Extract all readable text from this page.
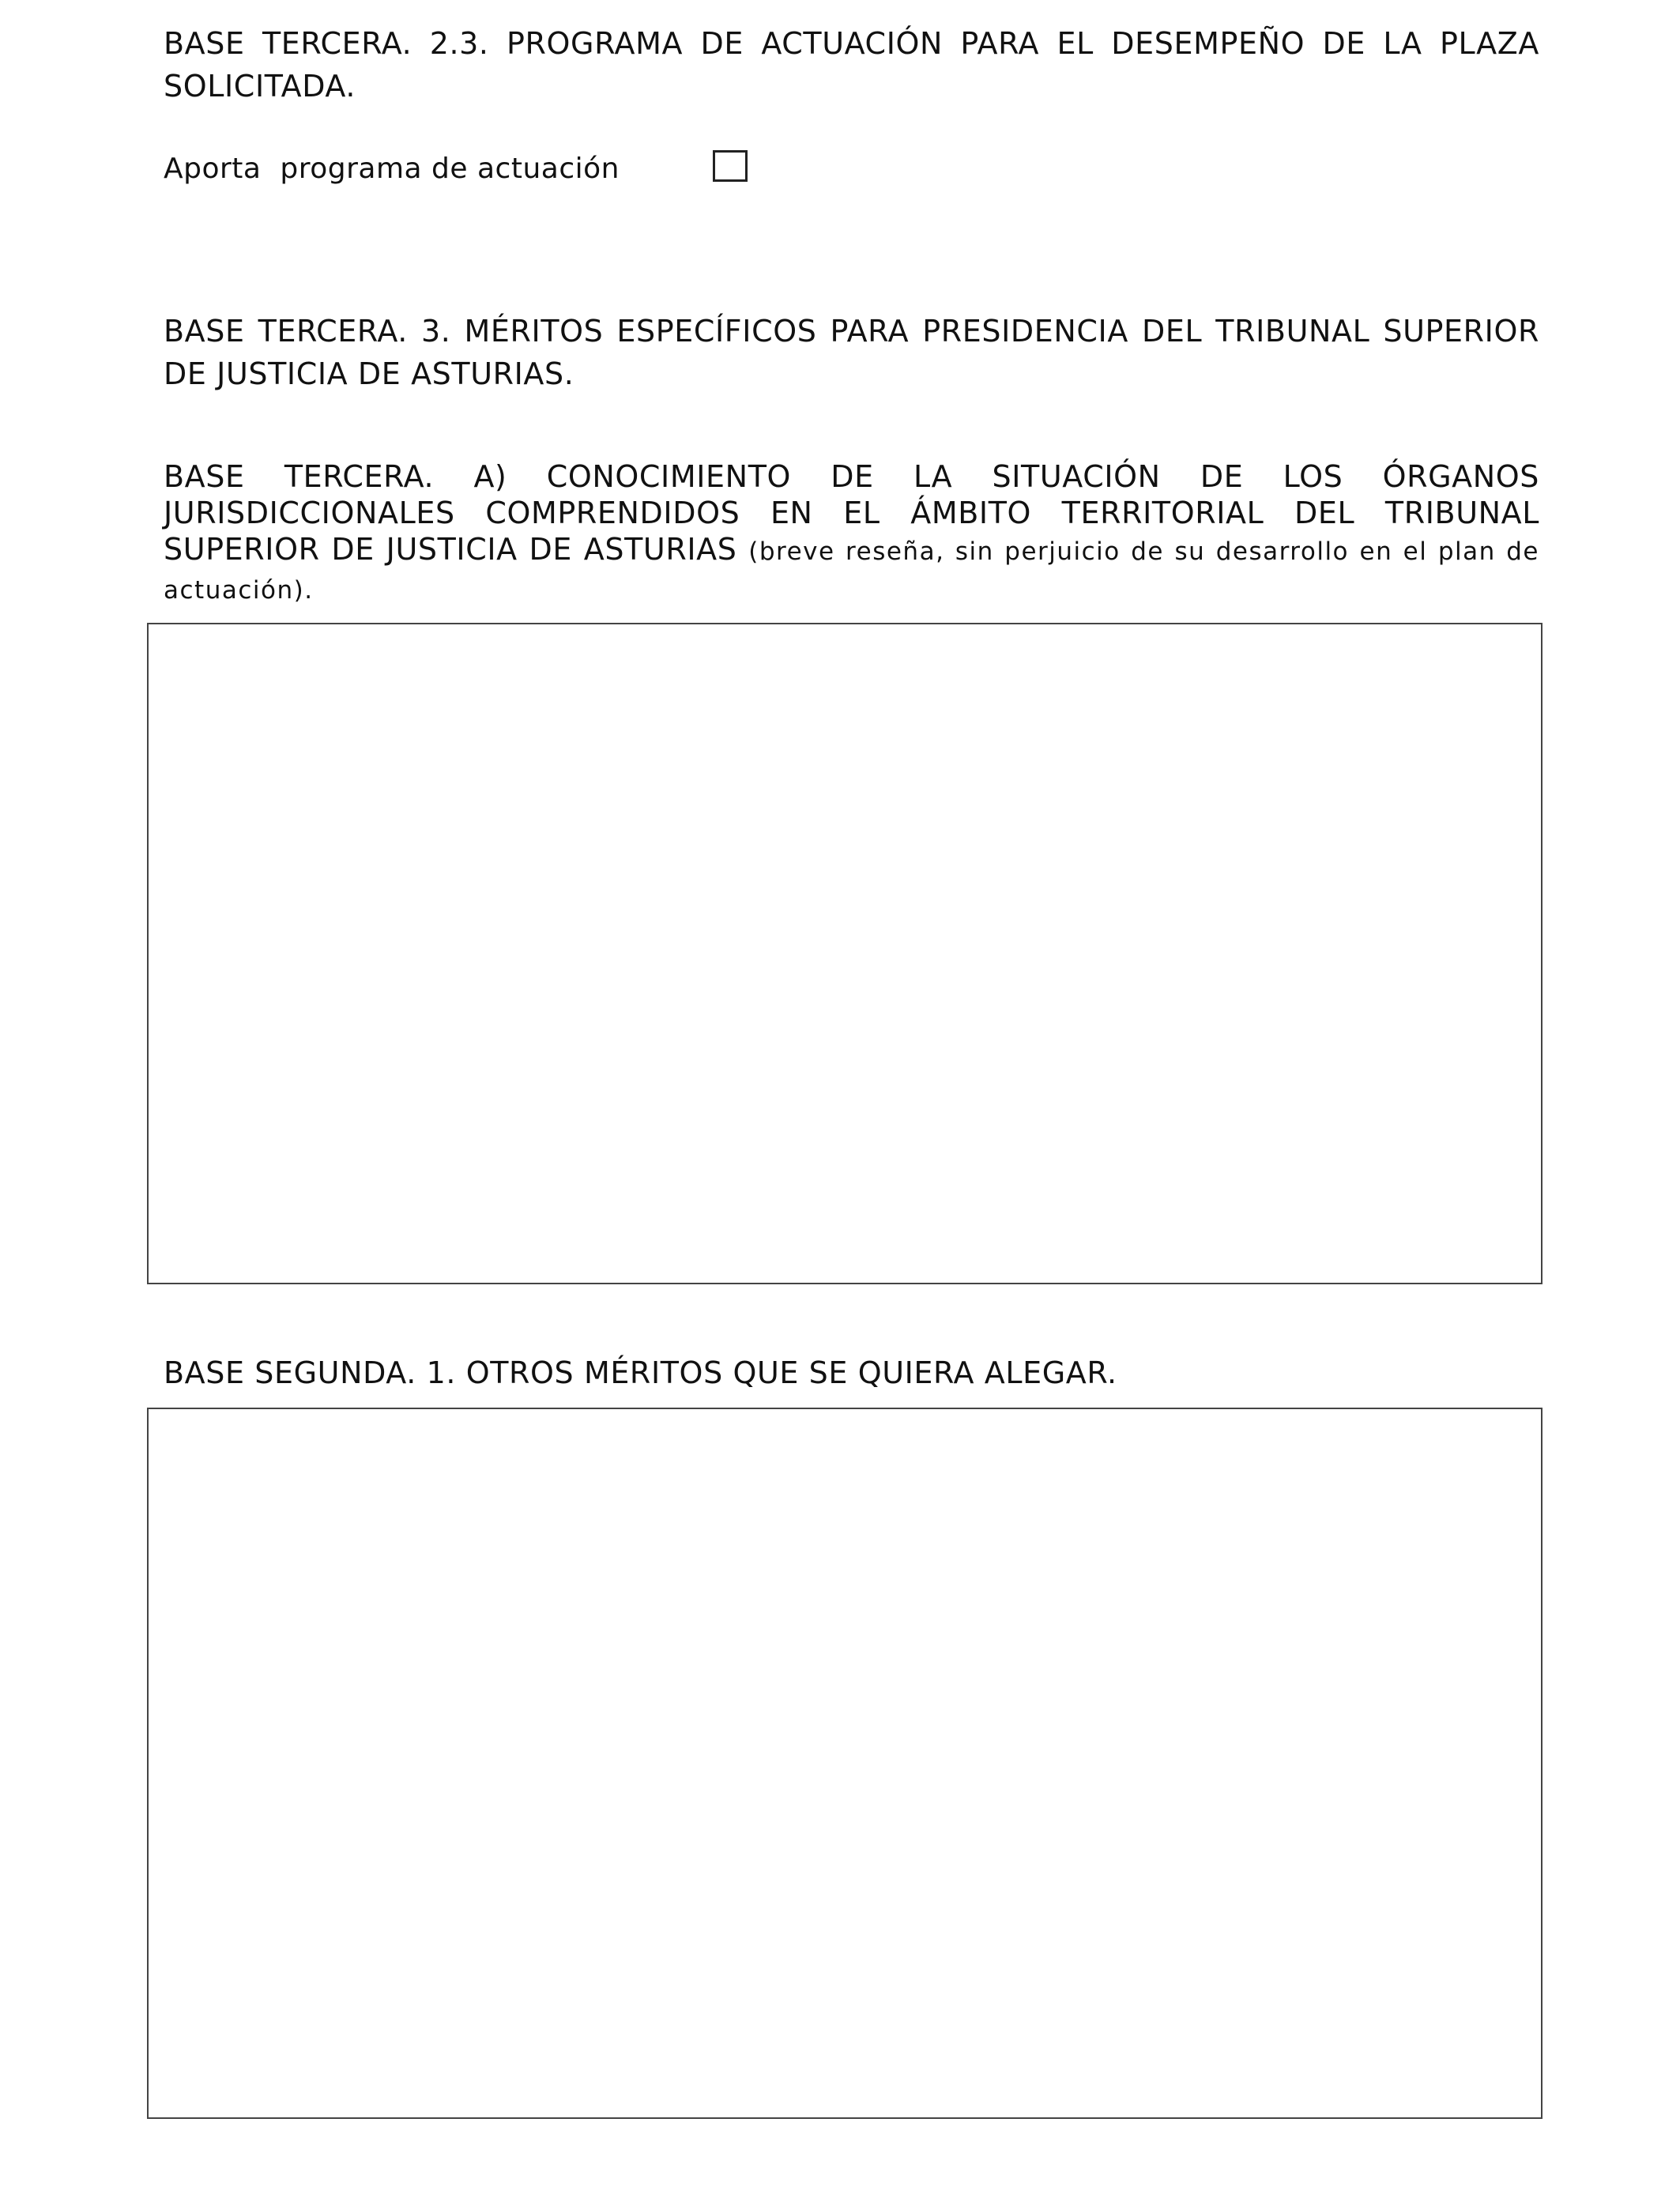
BASE TERCERA. 2.3. PROGRAMA DE ACTUACIÓN PARA EL DESEMPEÑO DE LA PLAZA SOLICITADA.
Aporta  programa de actuación
BASE TERCERA. 3. MÉRITOS ESPECÍFICOS PARA PRESIDENCIA DEL TRIBUNAL SUPERIOR DE JUSTICIA DE ASTURIAS.
BASE TERCERA. A) CONOCIMIENTO DE LA SITUACIÓN DE LOS ÓRGANOS JURISDICCIONALES COMPRENDIDOS EN EL ÁMBITO TERRITORIAL DEL TRIBUNAL SUPERIOR DE JUSTICIA DE ASTURIAS (breve reseña, sin perjuicio de su desarrollo en el plan de actuación).
BASE SEGUNDA. 1. OTROS MÉRITOS QUE SE QUIERA ALEGAR.
